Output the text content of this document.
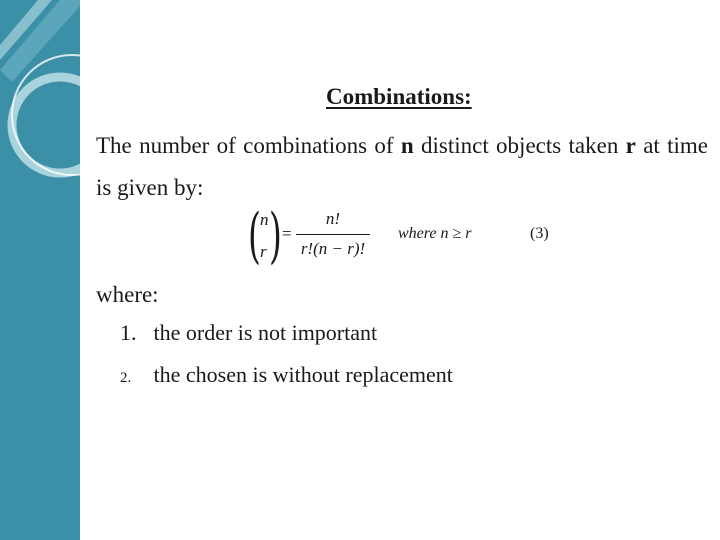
Combinations:
The number of combinations of n distinct objects taken r at time is given by:
( n
r ) =
n!
r!(n − r)!
where n ≥ r	(3)
where:
1. the order is not important
2. the chosen is without replacement
